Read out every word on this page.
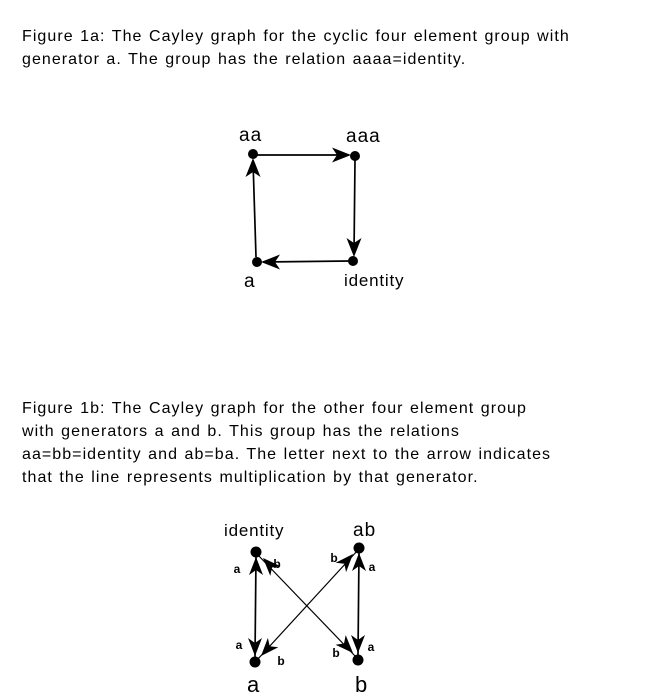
Figure 1a: The Cayley graph for the cyclic four element group with
generator a. The group has the relation aaaa=identity.
aa	aaa
a	identity
Figure 1b: The Cayley graph for the other four element group
with generators a and b. This group has the relations
aa=bb=identity and ab=ba. The letter next to the arrow indicates
that the line represents multiplication by that generator.
identity	ab
a	b
a	b	b
a
a
b
b a
